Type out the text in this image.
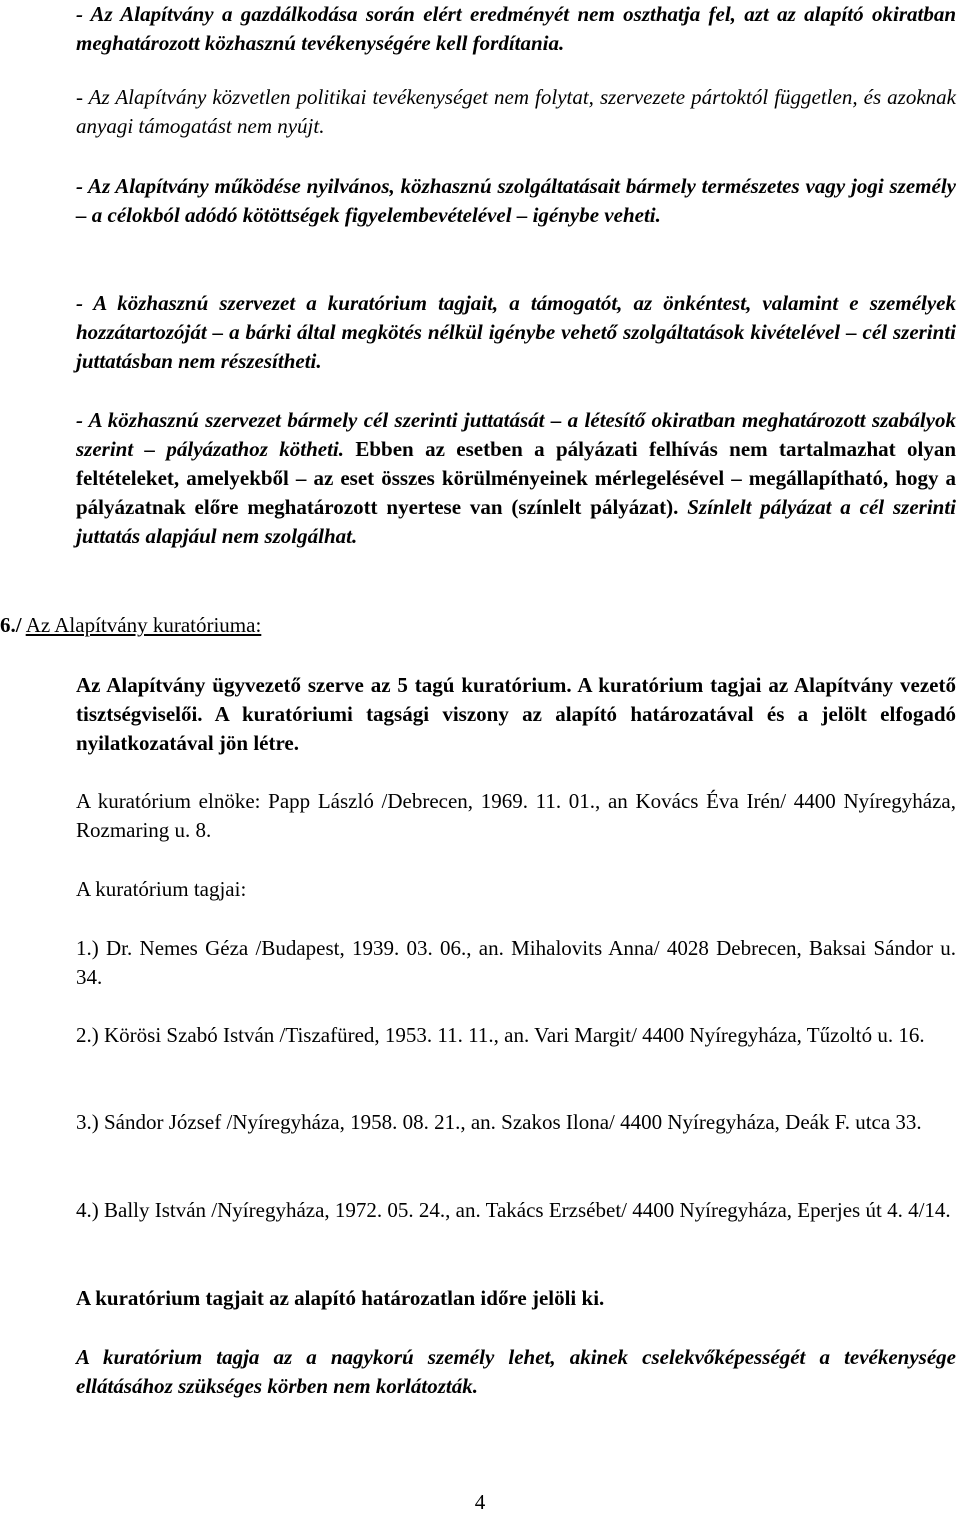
- Az Alapítvány a gazdálkodása során elért eredményét nem oszthatja fel, azt az alapító okiratban meghatározott közhasznú tevékenységére kell fordítania.

- Az Alapítvány közvetlen politikai tevékenységet nem folytat, szervezete pártoktól független, és azoknak anyagi támogatást nem nyújt.

- Az Alapítvány működése nyilvános, közhasznú szolgáltatásait bármely természetes vagy jogi személy – a célokból adódó kötöttségek figyelembevételével – igénybe veheti.

- A közhasznú szervezet a kuratórium tagjait, a támogatót, az önkéntest, valamint e személyek hozzátartozóját – a bárki által megkötés nélkül igénybe vehető szolgáltatások kivételével – cél szerinti juttatásban nem részesítheti.

- A közhasznú szervezet bármely cél szerinti juttatását – a létesítő okiratban meghatározott szabályok szerint – pályázathoz kötheti. Ebben az esetben a pályázati felhívás nem tartalmazhat olyan feltételeket, amelyekből – az eset összes körülményeinek mérlegelésével – megállapítható, hogy a pályázatnak előre meghatározott nyertese van (színlelt pályázat). Színlelt pályázat a cél szerinti juttatás alapjául nem szolgálhat.

6./ Az Alapítvány kuratóriuma:

Az Alapítvány ügyvezető szerve az 5 tagú kuratórium. A kuratórium tagjai az Alapítvány vezető tisztségviselői. A kuratóriumi tagsági viszony az alapító határozatával és a jelölt elfogadó nyilatkozatával jön létre.

A kuratórium elnöke: Papp László /Debrecen, 1969. 11. 01., an Kovács Éva Irén/ 4400 Nyíregyháza, Rozmaring u. 8.

A kuratórium tagjai:

1.) Dr. Nemes Géza /Budapest, 1939. 03. 06., an. Mihalovits Anna/ 4028 Debrecen, Baksai Sándor u. 34.

2.) Körösi Szabó István /Tiszafüred, 1953. 11. 11., an. Vari Margit/ 4400 Nyíregyháza, Tűzoltó u. 16.

3.) Sándor József /Nyíregyháza, 1958. 08. 21., an. Szakos Ilona/ 4400 Nyíregyháza, Deák F. utca 33.

4.) Bally István /Nyíregyháza, 1972. 05. 24., an. Takács Erzsébet/ 4400 Nyíregyháza, Eperjes út 4. 4/14.

A kuratórium tagjait az alapító határozatlan időre jelöli ki.

A kuratórium tagja az a nagykorú személy lehet, akinek cselekvőképességét a tevékenysége ellátásához szükséges körben nem korlátozták.

4
